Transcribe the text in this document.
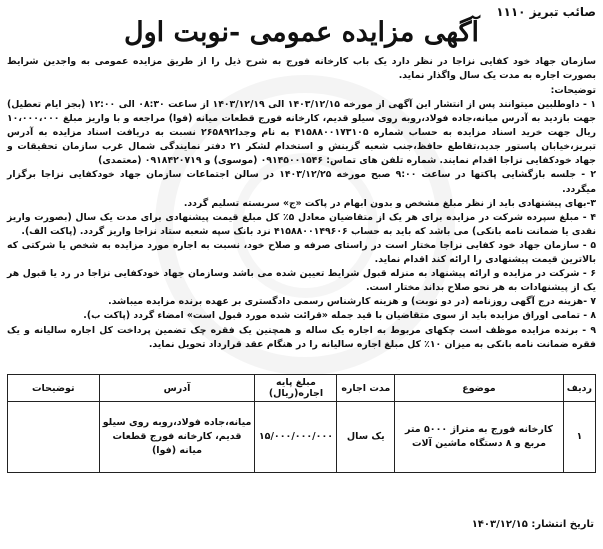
صائب تبریز ۱۱۱۰
آگهی مزایده عمومی -نوبت اول
سازمان جهاد خود کفایی نزاجا در نظر دارد یک باب کارخانه فورج به شرح ذیل را از طریق مزایده عمومی به واجدین شرایط بصورت اجاره به مدت یک سال واگذار نماید.
توضیحات:

۱ - داوطلبین میتوانند پس از انتشار این آگهی از مورخه ۱۴۰۳/۱۲/۱۵ الی ۱۴۰۳/۱۲/۱۹ از ساعت ۰۸:۳۰ الی ۱۲:۰۰ (بجز ایام تعطیل) جهت بازدید به آدرس میانه،جاده فولاد،روبه روی سیلو قدیم، کارخانه فورج قطعات میانه (فوا) مراجعه و با واریز مبلغ ۱۰،۰۰۰،۰۰۰ ریال جهت خرید اسناد مزایده به حساب شماره ۴۱۵۸۸۰۰۱۷۳۱۰۵ به نام وجدا۲۶۵۸۹۲ نسبت به دریافت اسناد مزایده به آدرس تبریز،خیابان پاستور جدید،تقاطع حافظ،جنب شعبه گزینش و استخدام لشکر ۲۱ دفتر نمایندگی شمال غرب سازمان تحقیقات و جهاد خودکفایی نزاجا اقدام نمایند. شماره تلفن های تماس: ۰۹۱۴۵۰۰۱۵۴۶ (موسوی) و ۰۹۱۸۴۲۰۷۱۹ (معتمدی)

۲ - جلسه بازگشایی پاکتها در ساعت ۹:۰۰ صبح مورخه ۱۴۰۳/۱۲/۲۵ در سالن اجتماعات سازمان جهاد خودکفایی نزاجا برگزار میگردد.

۳-بهای پیشنهادی باید از نظر مبلغ مشخص و بدون ابهام در پاکت «ج» سربسته تسلیم گردد.

۴ - مبلغ سپرده شرکت در مزایده برای هر یک از متقاضیان معادل ۵٪ کل مبلغ قیمت پیشنهادی برای مدت یک سال (بصورت واریز نقدی یا ضمانت نامه بانکی) می باشد که باید به حساب ۴۱۵۸۸۰۰۱۴۹۶۰۶ نزد بانک سپه شعبه ستاد نزاجا واریز گردد. (پاکت الف).

۵ - سازمان جهاد خود کفایی نزاجا مختار است در راستای صرفه و صلاح خود، نسبت به اجاره مورد مزایده به شخص یا شرکتی که بالاترین قیمت پیشنهادی را ارائه کند اقدام نماید.

۶ - شرکت در مزایده و ارائه پیشنهاد به منزله قبول شرایط تعیین شده می باشد وسازمان جهاد خودکفایی نزاجا در رد یا قبول هر یک از پیشنهادات به هر نحو صلاح بداند مختار است.

۷ -هزینه درج آگهی روزنامه (در دو نوبت) و هزینه کارشناس رسمی دادگستری بر عهده برنده مزایده میباشد.

۸ - تمامی اوراق مزایده باید از سوی متقاضیان با قید جمله «قرائت شده مورد قبول است» امضاء گردد (پاکت ب).

۹ - برنده مزایده موظف است چکهای مربوط به اجاره یک ساله و همچنین یک فقره چک تضمین پرداخت کل اجاره سالیانه و یک فقره ضمانت نامه بانکی به میزان ۱۰٪ کل مبلغ اجاره سالیانه را در هنگام عقد قرارداد تحویل نماید.

ردیف	موضوع	مدت اجاره	مبلغ پایه اجاره(ریال)	آدرس	توضیحات
۱	کارخانه فورج به متراژ ۵۰۰۰ متر مربع و ۸ دستگاه ماشین آلات	یک سال	۱۵/۰۰۰/۰۰۰/۰۰۰	میانه،جاده فولاد،روبه روی سیلو قدیم، کارخانه فورج قطعات میانه (فوا)	
تاریخ انتشار: ۱۴۰۳/۱۲/۱۵
